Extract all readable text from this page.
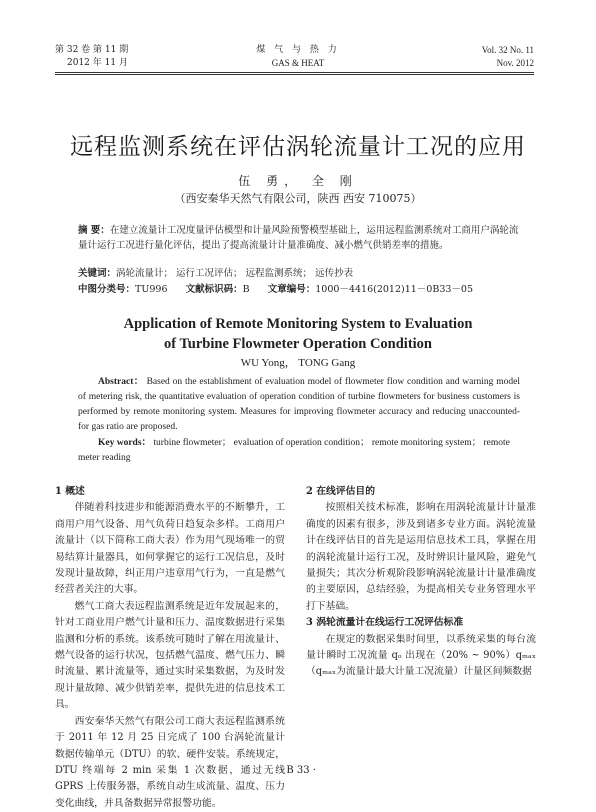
第 32 卷 第 11 期
2012 年 11 月
煤 气 与 热 力
GAS & HEAT
Vol. 32 No. 11
Nov. 2012
远程监测系统在评估涡轮流量计工况的应用
伍 勇， 全 刚
（西安秦华天然气有限公司，陕西 西安 710075）
摘 要：在建立流量计工况度量评估模型和计量风险预警模型基础上，运用远程监测系统对工商用户涡轮流量计运行工况进行量化评估，提出了提高流量计计量准确度、减小燃气供销差率的措施。
关键词：涡轮流量计； 运行工况评估； 远程监测系统； 远传抄表
中图分类号：TU996 文献标识码：B 文章编号：1000－4416(2012)11－0B33－05
Application of Remote Monitoring System to Evaluation
of Turbine Flowmeter Operation Condition
WU Yong， TONG Gang
Abstract： Based on the establishment of evaluation model of flowmeter flow condition and warning model of metering risk, the quantitative evaluation of operation condition of turbine flowmeters for business customers is performed by remote monitoring system. Measures for improving flowmeter accuracy and reducing unaccounted-for gas ratio are proposed.
Key words： turbine flowmeter； evaluation of operation condition； remote monitoring system； remote meter reading

1 概述

伴随着科技进步和能源消费水平的不断攀升，工商用户用气设备、用气负荷日趋复杂多样。工商用户流量计（以下简称工商大表）作为用气现场唯一的贸易结算计量器具，如何掌握它的运行工况信息，及时发现计量故障，纠正用户违章用气行为，一直是燃气经营者关注的大事。

燃气工商大表远程监测系统是近年发展起来的，针对工商业用户燃气计量和压力、温度数据进行采集监测和分析的系统。该系统可随时了解在用流量计、燃气设备的运行状况，包括燃气温度、燃气压力、瞬时流量、累计流量等，通过实时采集数据，为及时发现计量故障、减少供销差率，提供先进的信息技术工具。

西安秦华天然气有限公司工商大表远程监测系统于 2011 年 12 月 25 日完成了 100 台涡轮流量计数据传输单元（DTU）的软、硬件安装。系统规定，DTU 终端每 2 min 采集 1 次数据，通过无线 GPRS 上传服务器，系统自动生成流量、温度、压力变化曲线，并具备数据异常报警功能。

2 在线评估目的

按照相关技术标准，影响在用涡轮流量计计量准确度的因素有很多，涉及到诸多专业方面。涡轮流量计在线评估目的首先是运用信息技术工具，掌握在用的涡轮流量计运行工况，及时辨识计量风险，避免气量损失；其次分析观阶段影响涡轮流量计计量准确度的主要原因，总结经验，为提高相关专业务管理水平打下基础。

3 涡轮流量计在线运行工况评估标准

在规定的数据采集时间里，以系统采集的每台流量计瞬时工况流量 qₒ 出现在（20% ~ 90%）qₘₐₓ（qₘₐₓ为流量计最大计量工况流量）计量区间频数据

· B 33 ·
